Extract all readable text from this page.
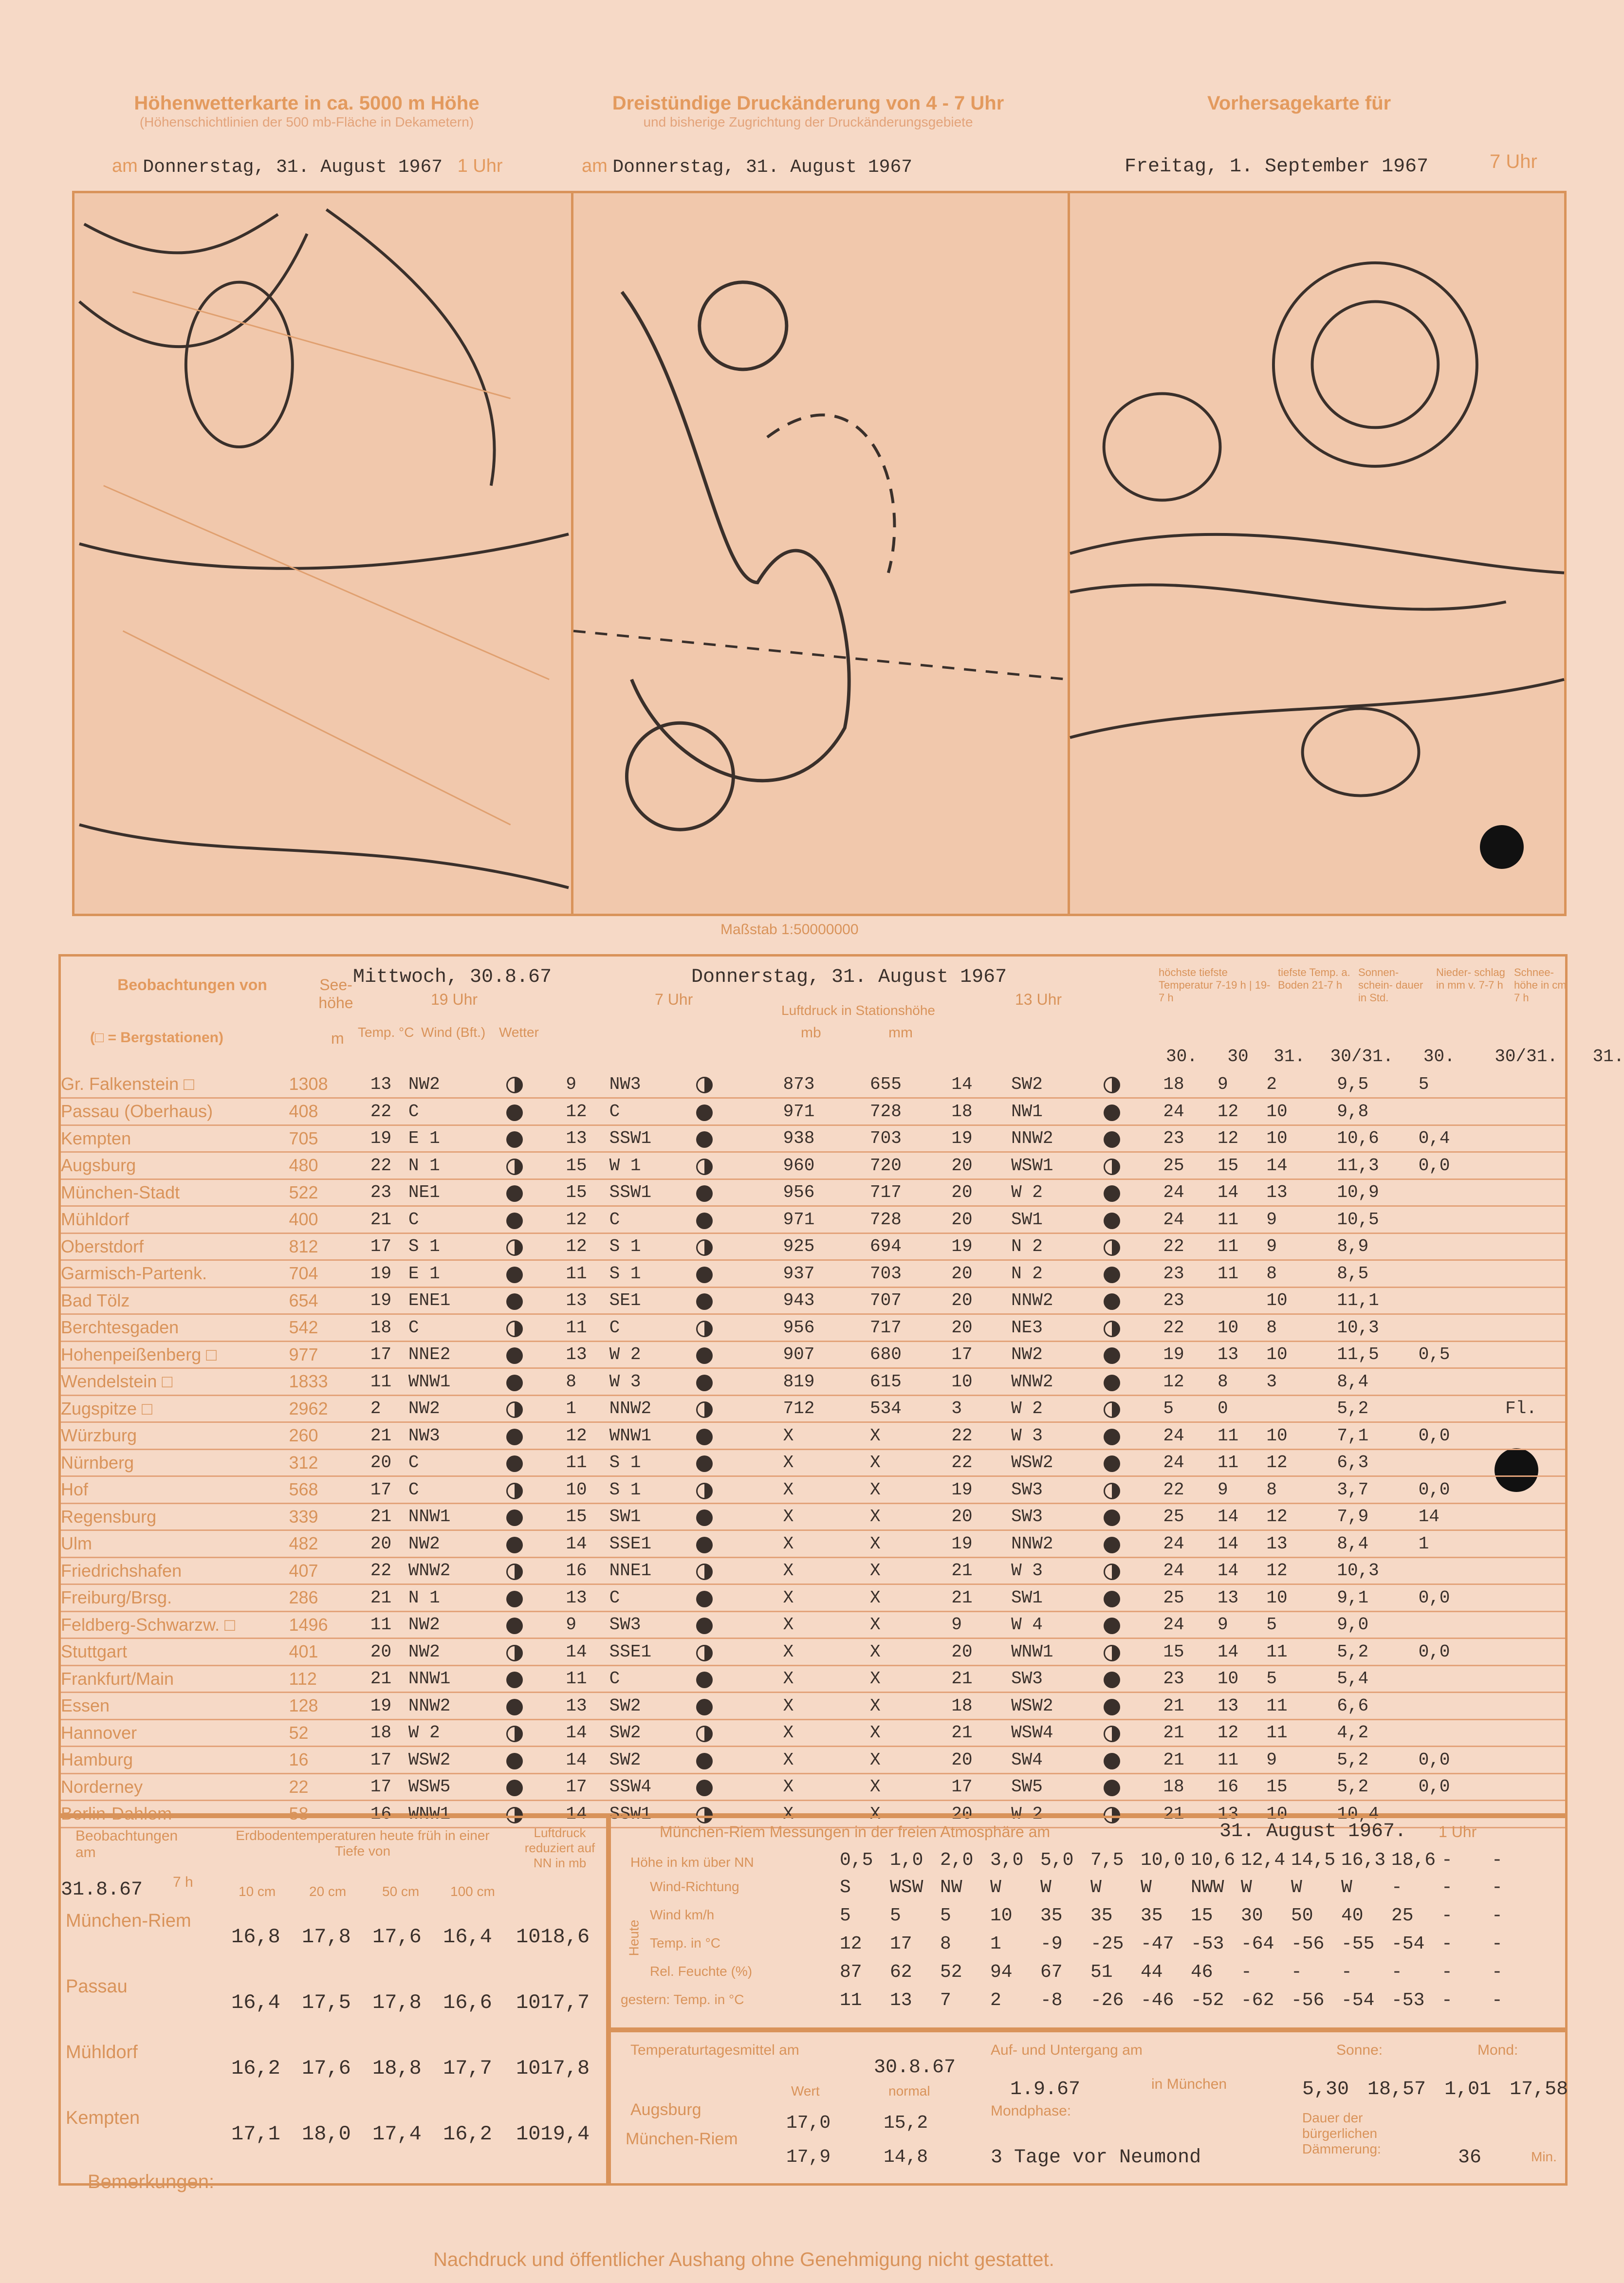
Höhenwetterkarte in ca. 5000 m Höhe
(Höhenschichtlinien der 500 mb-Fläche in Dekametern)
Dreistündige Druckänderung von 4 - 7 Uhr
und bisherige Zugrichtung der Druckänderungsgebiete
Vorhersagekarte für
am Donnerstag, 31. August 1967 1 Uhr	am Donnerstag, 31. August 1967	Freitag, 1. September 1967	7 Uhr
Maßstab 1:50000000
Beobachtungen von
(□ = Bergstationen)
See- höhe
m
Mittwoch, 30.8.67
19 Uhr
Donnerstag, 31. August 1967
7 Uhr	13 Uhr
Luftdruck in Stationshöhe
mb	mm
Temp. °C Wind (Bft.) Wetter
höchste tiefste Temperatur 7-19 h | 19-7 h
tiefste Temp. a. Boden 21-7 h
Sonnen- schein- dauer in Std.
Nieder- schlag in mm v. 7-7 h
Schnee- höhe in cm 7 h
30. 30 31. 30/31. 30. 30/31. 31.
Gr. Falkenstein □	1308	13	NW2		9	NW3		873	655	14	SW2		18	9	2	9,5	5	
Passau (Oberhaus)	408	22	C		12	C		971	728	18	NW1		24	12	10	9,8		
Kempten	705	19	E 1		13	SSW1		938	703	19	NNW2		23	12	10	10,6	0,4	
Augsburg	480	22	N 1		15	W 1		960	720	20	WSW1		25	15	14	11,3	0,0	
München-Stadt	522	23	NE1		15	SSW1		956	717	20	W 2		24	14	13	10,9		
Mühldorf	400	21	C		12	C		971	728	20	SW1		24	11	9	10,5		
Oberstdorf	812	17	S 1		12	S 1		925	694	19	N 2		22	11	9	8,9		
Garmisch-Partenk.	704	19	E 1		11	S 1		937	703	20	N 2		23	11	8	8,5		
Bad Tölz	654	19	ENE1		13	SE1		943	707	20	NNW2		23		10	11,1		
Berchtesgaden	542	18	C		11	C		956	717	20	NE3		22	10	8	10,3		
Hohenpeißenberg □	977	17	NNE2		13	W 2		907	680	17	NW2		19	13	10	11,5	0,5	
Wendelstein □	1833	11	WNW1		8	W 3		819	615	10	WNW2		12	8	3	8,4		
Zugspitze □	2962	2	NW2		1	NNW2		712	534	3	W 2		5	0		5,2		Fl.
Würzburg	260	21	NW3		12	WNW1		X	X	22	W 3		24	11	10	7,1	0,0	
Nürnberg	312	20	C		11	S 1		X	X	22	WSW2		24	11	12	6,3		
Hof	568	17	C		10	S 1		X	X	19	SW3		22	9	8	3,7	0,0	
Regensburg	339	21	NNW1		15	SW1		X	X	20	SW3		25	14	12	7,9	14	
Ulm	482	20	NW2		14	SSE1		X	X	19	NNW2		24	14	13	8,4	1	
Friedrichshafen	407	22	WNW2		16	NNE1		X	X	21	W 3		24	14	12	10,3		
Freiburg/Brsg.	286	21	N 1		13	C		X	X	21	SW1		25	13	10	9,1	0,0	
Feldberg-Schwarzw. □	1496	11	NW2		9	SW3		X	X	9	W 4		24	9	5	9,0		
Stuttgart	401	20	NW2		14	SSE1		X	X	20	WNW1		15	14	11	5,2	0,0	
Frankfurt/Main	112	21	NNW1		11	C		X	X	21	SW3		23	10	5	5,4		
Essen	128	19	NNW2		13	SW2		X	X	18	WSW2		21	13	11	6,6		
Hannover	52	18	W 2		14	SW2		X	X	21	WSW4		21	12	11	4,2		
Hamburg	16	17	WSW2		14	SW2		X	X	20	SW4		21	11	9	5,2	0,0	
Norderney	22	17	WSW5		17	SSW4		X	X	17	SW5		18	16	15	5,2	0,0	
Berlin-Dahlem	58	16	WNW1		14	SSW1		X	X	20	W 2		21	13	10	10,4		
Beobachtungen am
31.8.67 7 h
Erdbodentemperaturen heute früh in einer Tiefe von
10 cm 20 cm	50 cm 100 cm
Luftdruck reduziert auf NN in mb
München-Riem
16,8 17,8 17,6 16,4 1018,6
Passau
16,4 17,5 17,8 16,6 1017,7
Mühldorf
16,2 17,6 18,8 17,7 1017,8
Kempten
17,1 18,0 17,4 16,2 1019,4
München-Riem Messungen in der freien Atmosphäre am	31. August 1967. 1 Uhr
Höhe in km über NN
Heute
0,5 1,0 2,0 3,0 5,0 7,5 10,0 10,6 12,4 14,5 16,3 18,6 - -
Wind-Richtung	S WSW NW W W W W NWW W W W - - -
Wind km/h	5 5 5 10 35 35 35 15 30 50 40 25 - -
Temp. in °C	12 17 8 1 -9 -25 -47 -53 -64 -56 -55 -54 - -
Rel. Feuchte (%)	87 62 52 94 67 51 44 46 - - - - - -
gestern: Temp. in °C	11 13 7 2 -8 -26 -46 -52 -62 -56 -54 -53 - -
Temperaturtagesmittel am
30.8.67
Wert	normal
Augsburg
17,0	15,2
München-Riem
17,9	14,8
Auf- und Untergang am
1.9.67	in München
Sonne:	Mond:
5,30 18,57 1,01 17,58
Mondphase:
3 Tage vor Neumond
Dauer der bürgerlichen Dämmerung:	36	Min.
Bemerkungen:
Nachdruck und öffentlicher Aushang ohne Genehmigung nicht gestattet.
